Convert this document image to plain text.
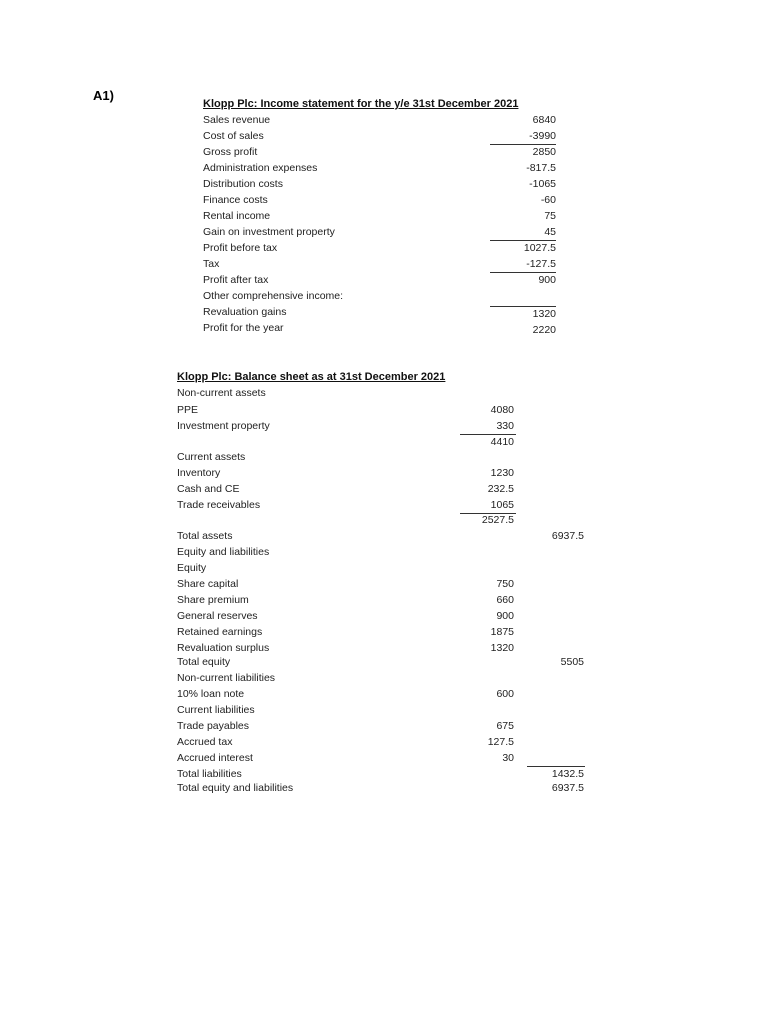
A1)
Klopp Plc: Income statement for the y/e 31st December 2021
Sales revenue	6840
Cost of sales	-3990
Gross profit	2850
Administration expenses	-817.5
Distribution costs	-1065
Finance costs	-60
Rental income	75
Gain on investment property	45
Profit before tax	1027.5
Tax	-127.5
Profit after tax	900
Other comprehensive income:
Revaluation gains	1320
Profit for the year	2220
Klopp Plc: Balance sheet as at 31st December 2021
Non-current assets
PPE	4080
Investment property	330
4410
Current assets
Inventory	1230
Cash and CE	232.5
Trade receivables	1065
2527.5
Total assets	6937.5
Equity and liabilities
Equity
Share capital	750
Share premium	660
General reserves	900
Retained earnings	1875
Revaluation surplus	1320
Total equity	5505
Non-current liabilities
10% loan note	600
Current liabilities
Trade payables	675
Accrued tax	127.5
Accrued interest	30
Total liabilities	1432.5
Total equity and liabilities	6937.5
